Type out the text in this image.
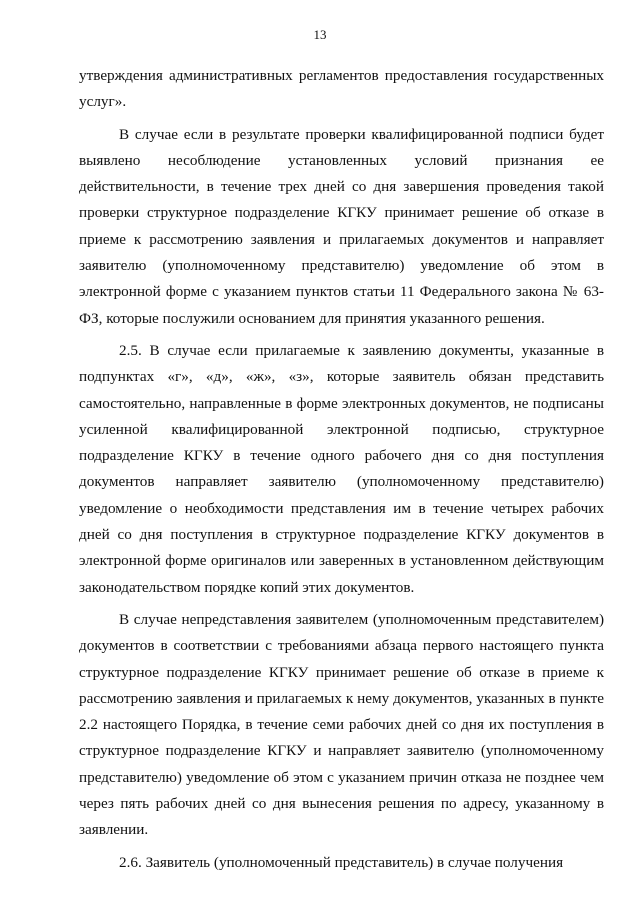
13

утверждения административных регламентов предоставления государственных услуг».

В случае если в результате проверки квалифицированной подписи будет выявлено несоблюдение установленных условий признания ее действительности, в течение трех дней со дня завершения проведения такой проверки структурное подразделение КГКУ принимает решение об отказе в приеме к рассмотрению заявления и прилагаемых документов и направляет заявителю (уполномоченному представителю) уведомление об этом в электронной форме с указанием пунктов статьи 11 Федерального закона № 63-ФЗ, которые послужили основанием для принятия указанного решения.

2.5. В случае если прилагаемые к заявлению документы, указанные в подпунктах «г», «д», «ж», «з», которые заявитель обязан представить самостоятельно, направленные в форме электронных документов, не подписаны усиленной квалифицированной электронной подписью, структурное подразделение КГКУ в течение одного рабочего дня со дня поступления документов направляет заявителю (уполномоченному представителю) уведомление о необходимости представления им в течение четырех рабочих дней со дня поступления в структурное подразделение КГКУ документов в электронной форме оригиналов или заверенных в установленном действующим законодательством порядке копий этих документов.

В случае непредставления заявителем (уполномоченным представителем) документов в соответствии с требованиями абзаца первого настоящего пункта структурное подразделение КГКУ принимает решение об отказе в приеме к рассмотрению заявления и прилагаемых к нему документов, указанных в пункте 2.2 настоящего Порядка, в течение семи рабочих дней со дня их поступления в структурное подразделение КГКУ и направляет заявителю (уполномоченному представителю) уведомление об этом с указанием причин отказа не позднее чем через пять рабочих дней со дня вынесения решения по адресу, указанному в заявлении.

2.6. Заявитель (уполномоченный представитель) в случае получения
